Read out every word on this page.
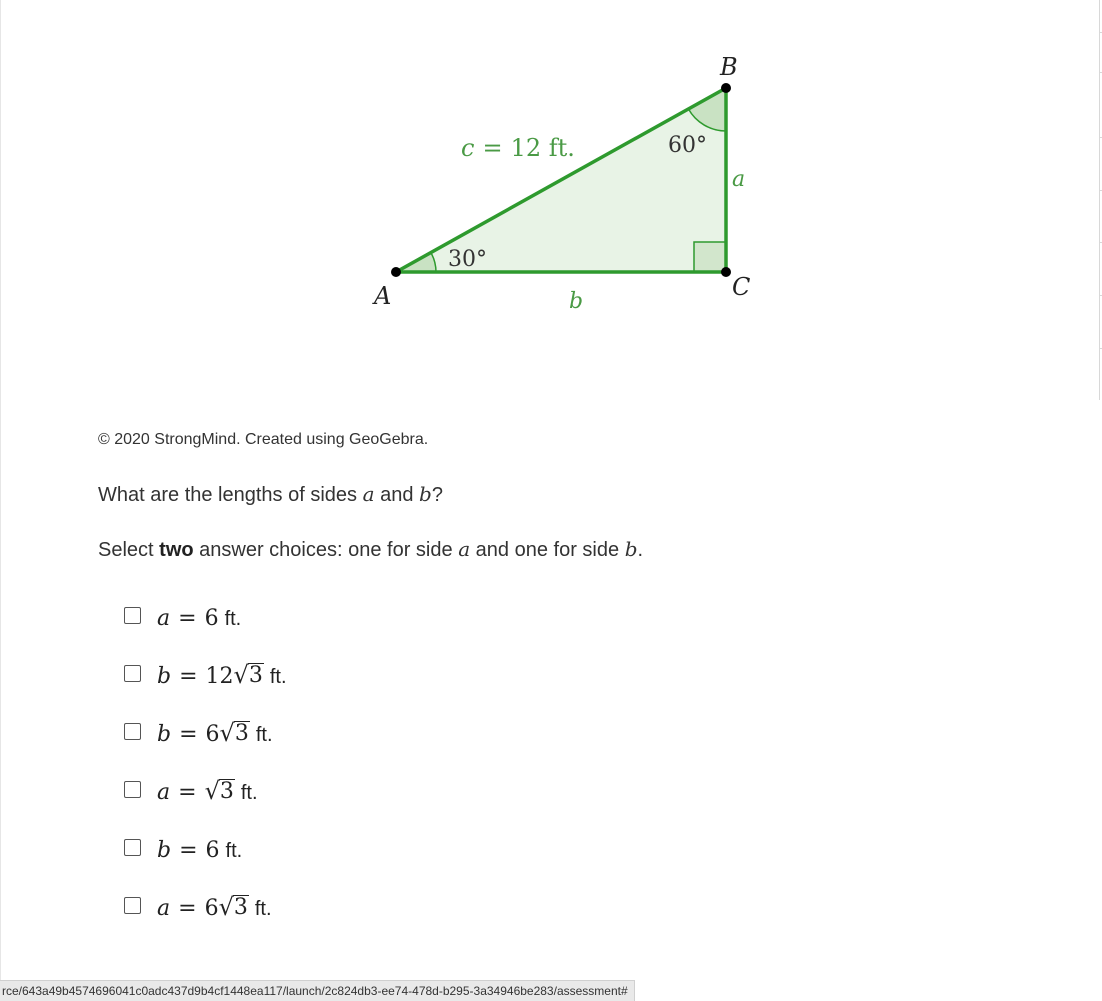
A
B
C
c = 12 ft.
30°
60°
a
b
© 2020 StrongMind. Created using GeoGebra.
What are the lengths of sides a and b?
Select two answer choices: one for side a and one for side b.
a = 6 ft.
b = 12 √ 3 ft.
b = 6 √ 3 ft.
a = √ 3 ft.
b = 6 ft.
a = 6 √ 3 ft.
rce/643a49b4574696041c0adc437d9b4cf1448ea117/launch/2c824db3-ee74-478d-b295-3a34946be283/assessment#
